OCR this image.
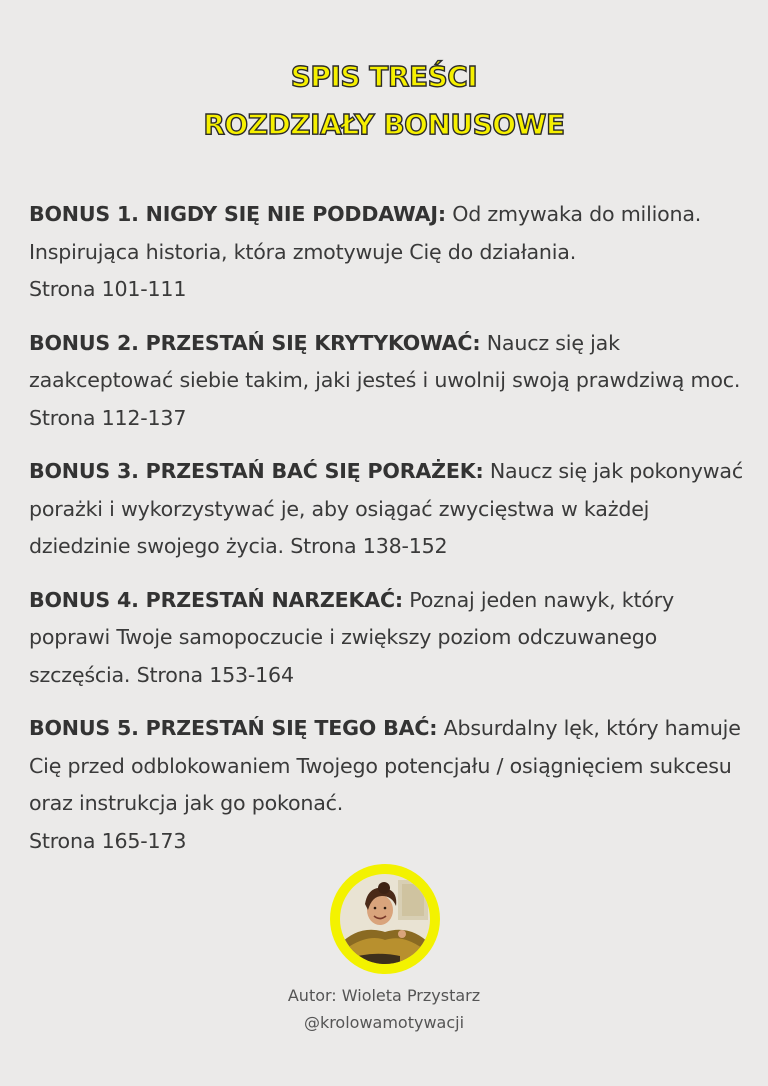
SPIS TREŚCI
ROZDZIAŁY BONUSOWE

BONUS 1. NIGDY SIĘ NIE PODDAWAJ: Od zmywaka do miliona. Inspirująca historia, która zmotywuje Cię do działania.
Strona 101-111

BONUS 2. PRZESTAŃ SIĘ KRYTYKOWAĆ: Naucz się jak zaakceptować siebie takim, jaki jesteś i uwolnij swoją prawdziwą moc. Strona 112-137

BONUS 3. PRZESTAŃ BAĆ SIĘ PORAŻEK: Naucz się jak pokonywać porażki i wykorzystywać je, aby osiągać zwycięstwa w każdej dziedzinie swojego życia. Strona 138-152

BONUS 4. PRZESTAŃ NARZEKAĆ: Poznaj jeden nawyk, który poprawi Twoje samopoczucie i zwiększy poziom odczuwanego szczęścia. Strona 153-164

BONUS 5. PRZESTAŃ SIĘ TEGO BAĆ: Absurdalny lęk, który hamuje Cię przed odblokowaniem Twojego potencjału / osiągnięciem sukcesu oraz instrukcja jak go pokonać.
Strona 165-173

Autor: Wioleta Przystarz
@krolowamotywacji
